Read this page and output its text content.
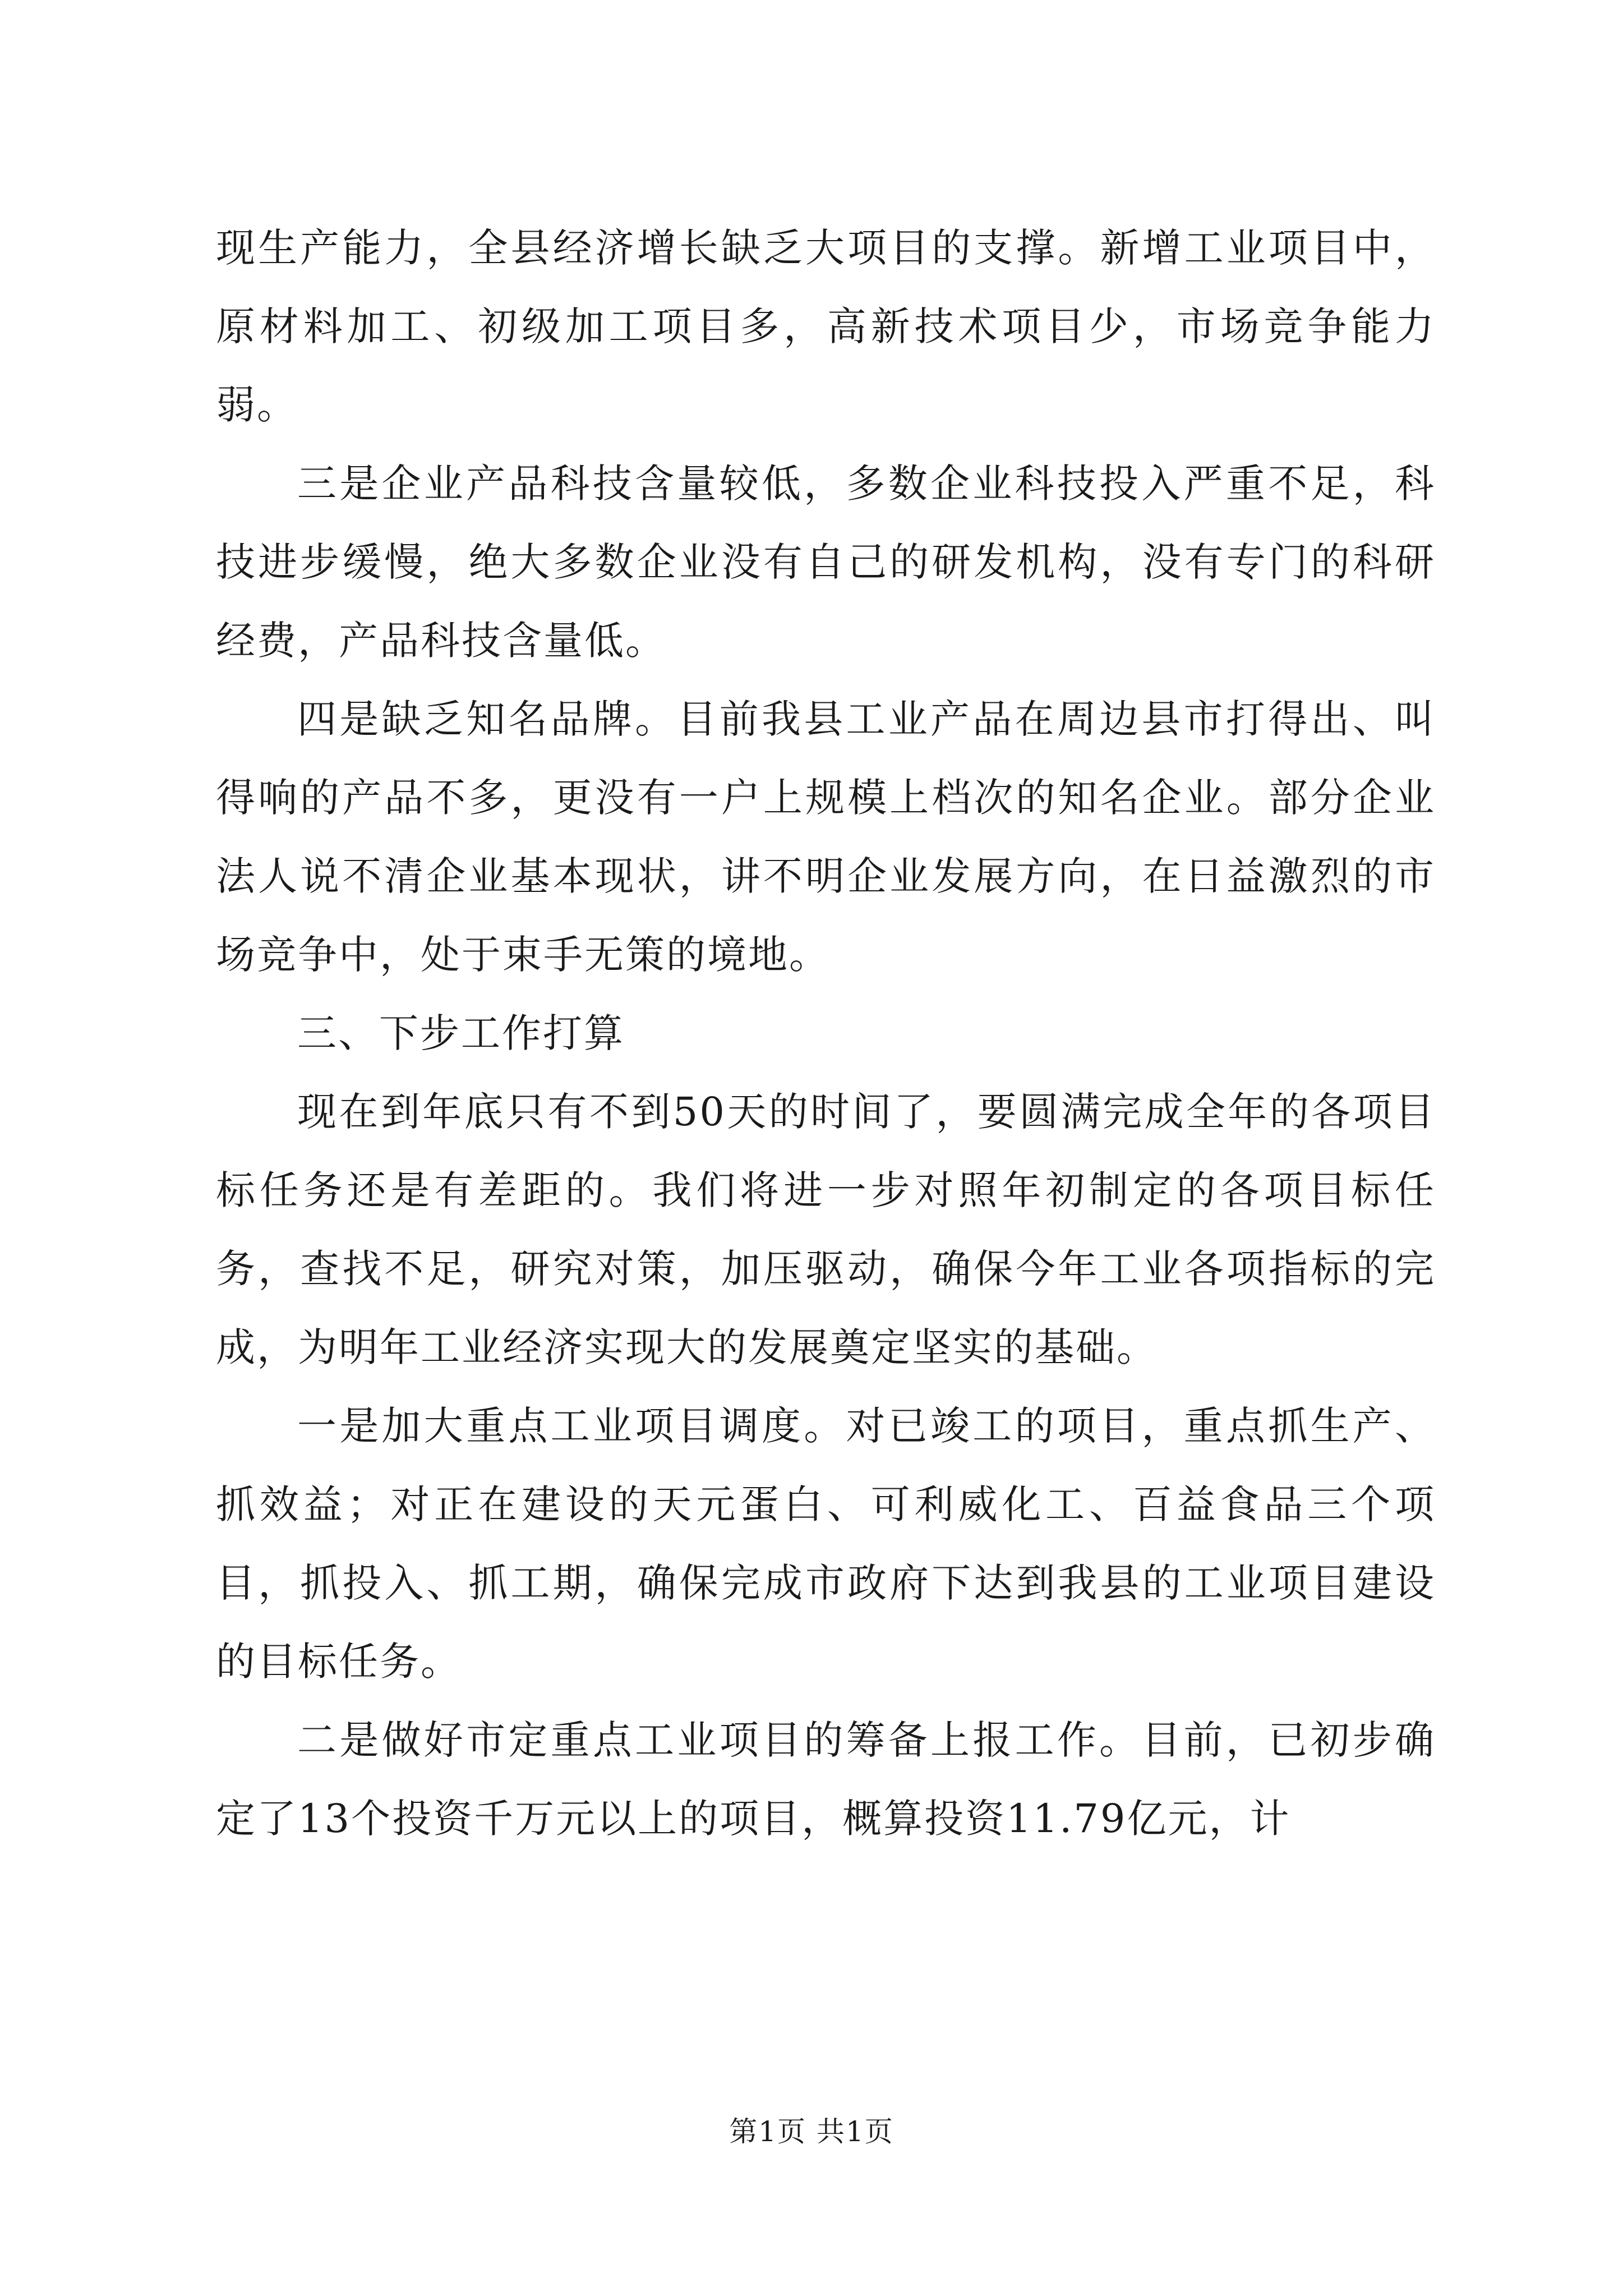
现生产能力，全县经济增长缺乏大项目的支撑。新增工业项目中，原材料加工、初级加工项目多，高新技术项目少，市场竞争能力弱。

三是企业产品科技含量较低，多数企业科技投入严重不足，科技进步缓慢，绝大多数企业没有自己的研发机构，没有专门的科研经费，产品科技含量低。

四是缺乏知名品牌。目前我县工业产品在周边县市打得出、叫得响的产品不多，更没有一户上规模上档次的知名企业。部分企业法人说不清企业基本现状，讲不明企业发展方向，在日益激烈的市场竞争中，处于束手无策的境地。

三、下步工作打算

现在到年底只有不到50天的时间了，要圆满完成全年的各项目标任务还是有差距的。我们将进一步对照年初制定的各项目标任务，查找不足，研究对策，加压驱动，确保今年工业各项指标的完成，为明年工业经济实现大的发展奠定坚实的基础。

一是加大重点工业项目调度。对已竣工的项目，重点抓生产、抓效益；对正在建设的天元蛋白、可利威化工、百益食品三个项目，抓投入、抓工期，确保完成市政府下达到我县的工业项目建设的目标任务。

二是做好市定重点工业项目的筹备上报工作。目前，已初步确定了13个投资千万元以上的项目，概算投资11.79亿元，计

第1页 共1页
